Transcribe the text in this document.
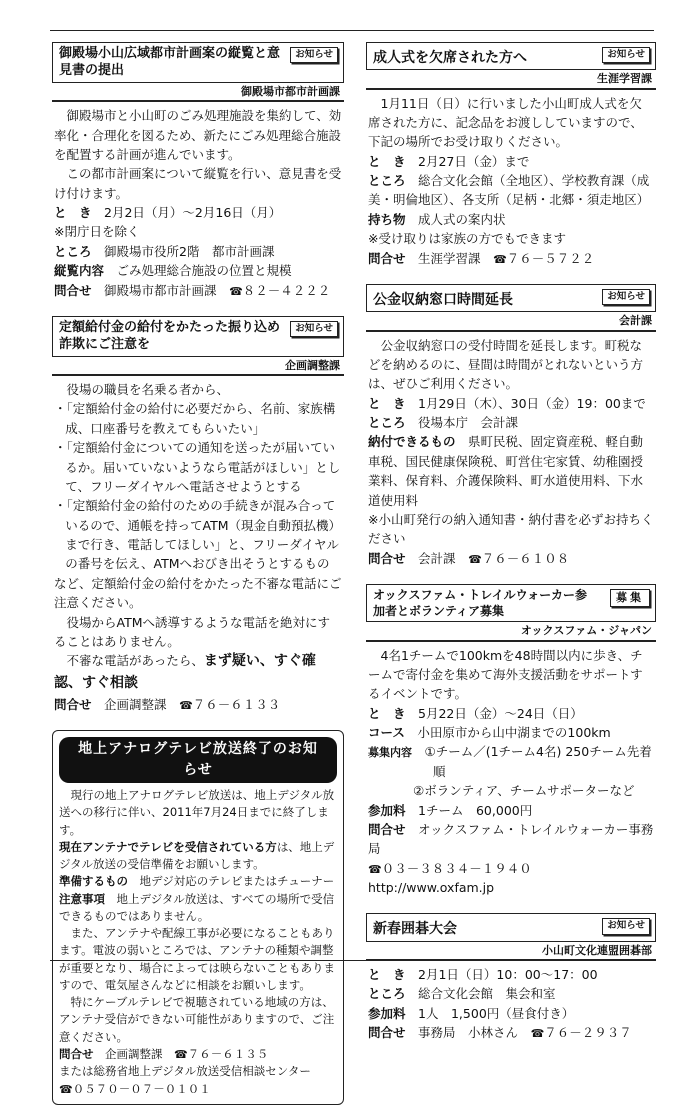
御殿場小山広域都市計画案の縦覧と意見書の提出
お知らせ
御殿場市都市計画課

御殿場市と小山町のごみ処理施設を集約して、効率化・合理化を図るため、新たにごみ処理総合施設を配置する計画が進んでいます。

この都市計画案について縦覧を行い、意見書を受け付けます。

と　き　 2月2日（月）～2月16日（月）

※閉庁日を除く

ところ　 御殿場市役所2階　都市計画課

縦覧内容　 ごみ処理総合施設の位置と規模

問合せ　 御殿場市都市計画課　 ☎８２－４２２２

定額給付金の給付をかたった振り込め詐欺にご注意を
お知らせ
企画調整課

役場の職員を名乗る者から、

・「定額給付金の給付に必要だから、名前、家族構成、口座番号を教えてもらいたい」

・「定額給付金についての通知を送ったが届いているか。届いていないようなら電話がほしい」として、フリーダイヤルへ電話させようとする

・「定額給付金の給付のための手続きが混み合っているので、通帳を持ってATM（現金自動預払機）まで行き、電話してほしい」と、フリーダイヤルの番号を伝え、ATMへおびき出そうとするもの

など、定額給付金の給付をかたった不審な電話にご注意ください。

役場からATMへ誘導するような電話を絶対にすることはありません。

不審な電話があったら、まず疑い、すぐ確認、すぐ相談

問合せ　 企画調整課　 ☎７６－６１３３

地上アナログテレビ放送終了のお知らせ

現行の地上アナログテレビ放送は、地上デジタル放送への移行に伴い、2011年7月24日までに終了します。

現在アンテナでテレビを受信されている方は、地上デジタル放送の受信準備をお願いします。

準備するもの　 地デジ対応のテレビまたはチューナー

注意事項　 地上デジタル放送は、すべての場所で受信できるものではありません。

また、アンテナや配線工事が必要になることもあります。電波の弱いところでは、アンテナの種類や調整が重要となり、場合によっては映らないこともありますので、電気屋さんなどに相談をお願いします。

特にケーブルテレビで視聴されている地域の方は、アンテナ受信ができない可能性がありますので、ご注意ください。

問合せ　 企画調整課　 ☎７６－６１３５

または総務省地上デジタル放送受信相談センター

☎０５７０－０７－０１０１

成人式を欠席された方へ	お知らせ
生涯学習課

1月11日（日）に行いました小山町成人式を欠席された方に、記念品をお渡ししていますので、下記の場所でお受け取りください。

と　き　 2月27日（金）まで

ところ　 総合文化会館（全地区）、学校教育課（成美・明倫地区）、各支所（足柄・北郷・須走地区）

持ち物　 成人式の案内状

※受け取りは家族の方でもできます

問合せ　 生涯学習課　 ☎７６－５７２２

公金収納窓口時間延長	お知らせ
会計課

公金収納窓口の受付時間を延長します。町税などを納めるのに、昼間は時間がとれないという方は、ぜひご利用ください。

と　き　 1月29日（木）、30日（金）19：00まで

ところ　 役場本庁　会計課

納付できるもの　 県町民税、固定資産税、軽自動車税、国民健康保険税、町営住宅家賃、幼稚園授業料、保育料、介護保険料、町水道使用料、下水道使用料

※小山町発行の納入通知書・納付書を必ずお持ちください

問合せ　 会計課　 ☎７６－６１０８

オックスファム・トレイルウォーカー参加者とボランティア募集
募集
オックスファム・ジャパン

4名1チームで100kmを48時間以内に歩き、チームで寄付金を集めて海外支援活動をサポートするイベントです。

と　き　 5月22日（金）～24日（日）

コース　 小田原市から山中湖までの100km

募集内容　 ①チーム／(1チーム4名) 250チーム先着順

②ボランティア、チームサポーターなど

参加料　 1チーム　60,000円

問合せ　 オックスファム・トレイルウォーカー事務局

☎０３－３８３４－１９４０

http://www.oxfam.jp

新春囲碁大会	お知らせ
小山町文化連盟囲碁部

と　き　 2月1日（日）10：00～17：00

ところ　 総合文化会館　集会和室

参加料　 1人　1,500円（昼食付き）

問合せ　 事務局　小林さん　 ☎７６－２９３７
